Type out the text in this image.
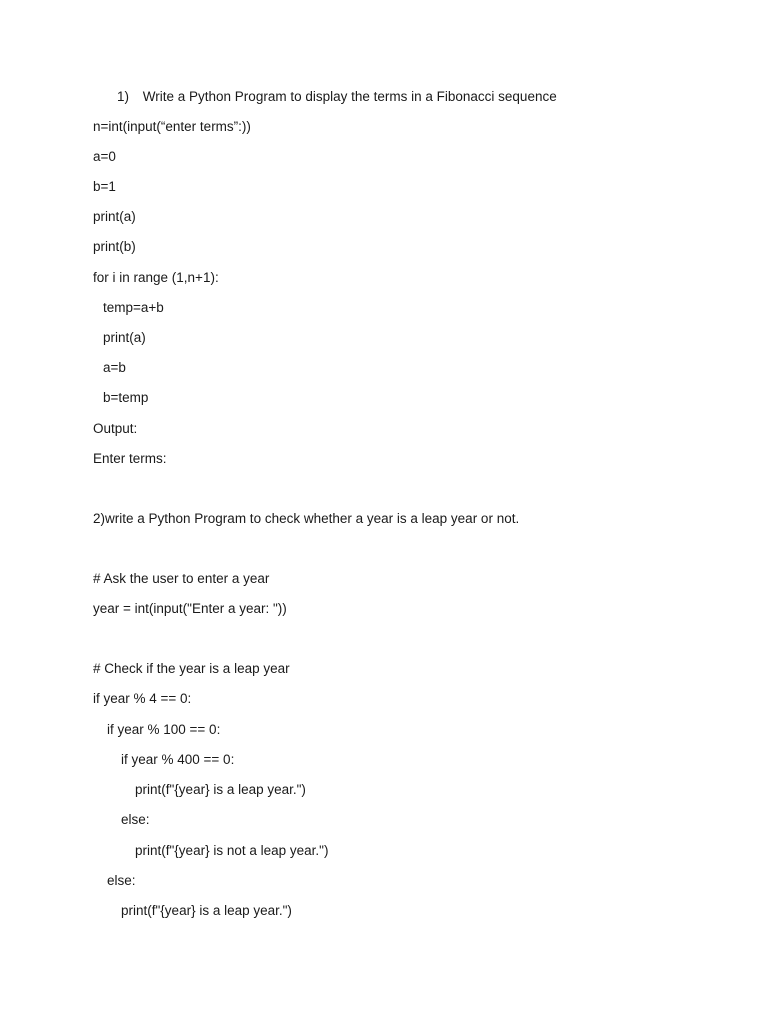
1) Write a Python Program to display the terms in a Fibonacci sequence
n=int(input(“enter terms”:))
a=0
b=1
print(a)
print(b)
for i in range (1,n+1):
temp=a+b
print(a)
a=b
b=temp
Output:
Enter terms:
2)write a Python Program to check whether a year is a leap year or not.
# Ask the user to enter a year
year = int(input("Enter a year: "))
# Check if the year is a leap year
if year % 4 == 0:
if year % 100 == 0:
if year % 400 == 0:
print(f"{year} is a leap year.")
else:
print(f"{year} is not a leap year.")
else:
print(f"{year} is a leap year.")
